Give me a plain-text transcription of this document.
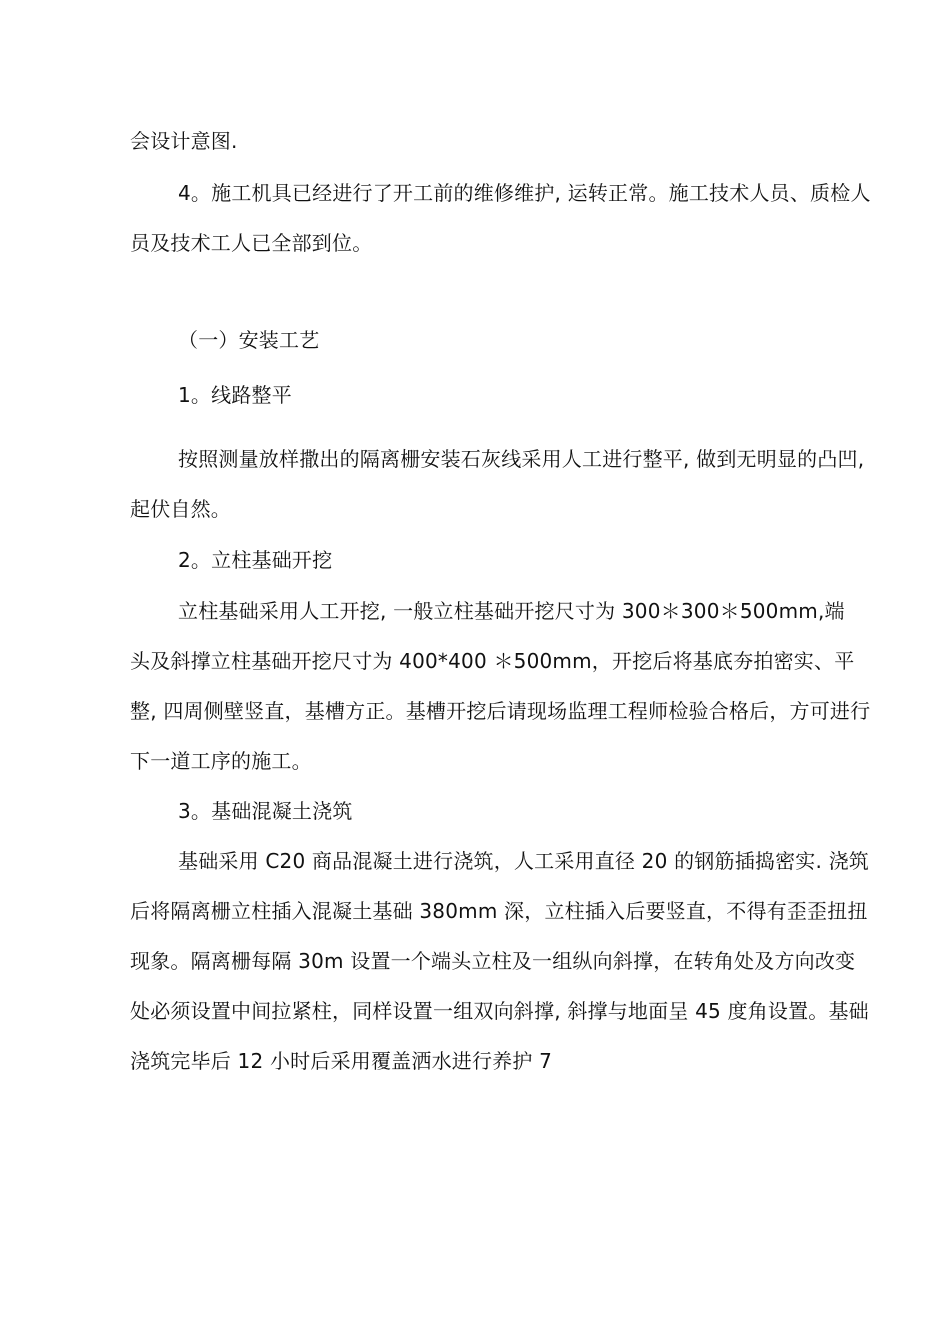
会设计意图.
4。施工机具已经进行了开工前的维修维护, 运转正常。施工技术人员、质检人
员及技术工人已全部到位。
（一）安装工艺
1。线路整平
按照测量放样撒出的隔离栅安装石灰线采用人工进行整平, 做到无明显的凸凹,
起伏自然。
2。立柱基础开挖
立柱基础采用人工开挖, 一般立柱基础开挖尺寸为 300＊300＊500mm,端
头及斜撑立柱基础开挖尺寸为 400*400 ＊500mm，开挖后将基底夯拍密实、平
整, 四周侧壁竖直，基槽方正。基槽开挖后请现场监理工程师检验合格后，方可进行
下一道工序的施工。
3。基础混凝土浇筑
基础采用 C20 商品混凝土进行浇筑，人工采用直径 20 的钢筋插捣密实. 浇筑
后将隔离栅立柱插入混凝土基础 380mm 深，立柱插入后要竖直，不得有歪歪扭扭
现象。隔离栅每隔 30m 设置一个端头立柱及一组纵向斜撑，在转角处及方向改变
处必须设置中间拉紧柱，同样设置一组双向斜撑, 斜撑与地面呈 45 度角设置。基础
浇筑完毕后 12 小时后采用覆盖洒水进行养护 7
